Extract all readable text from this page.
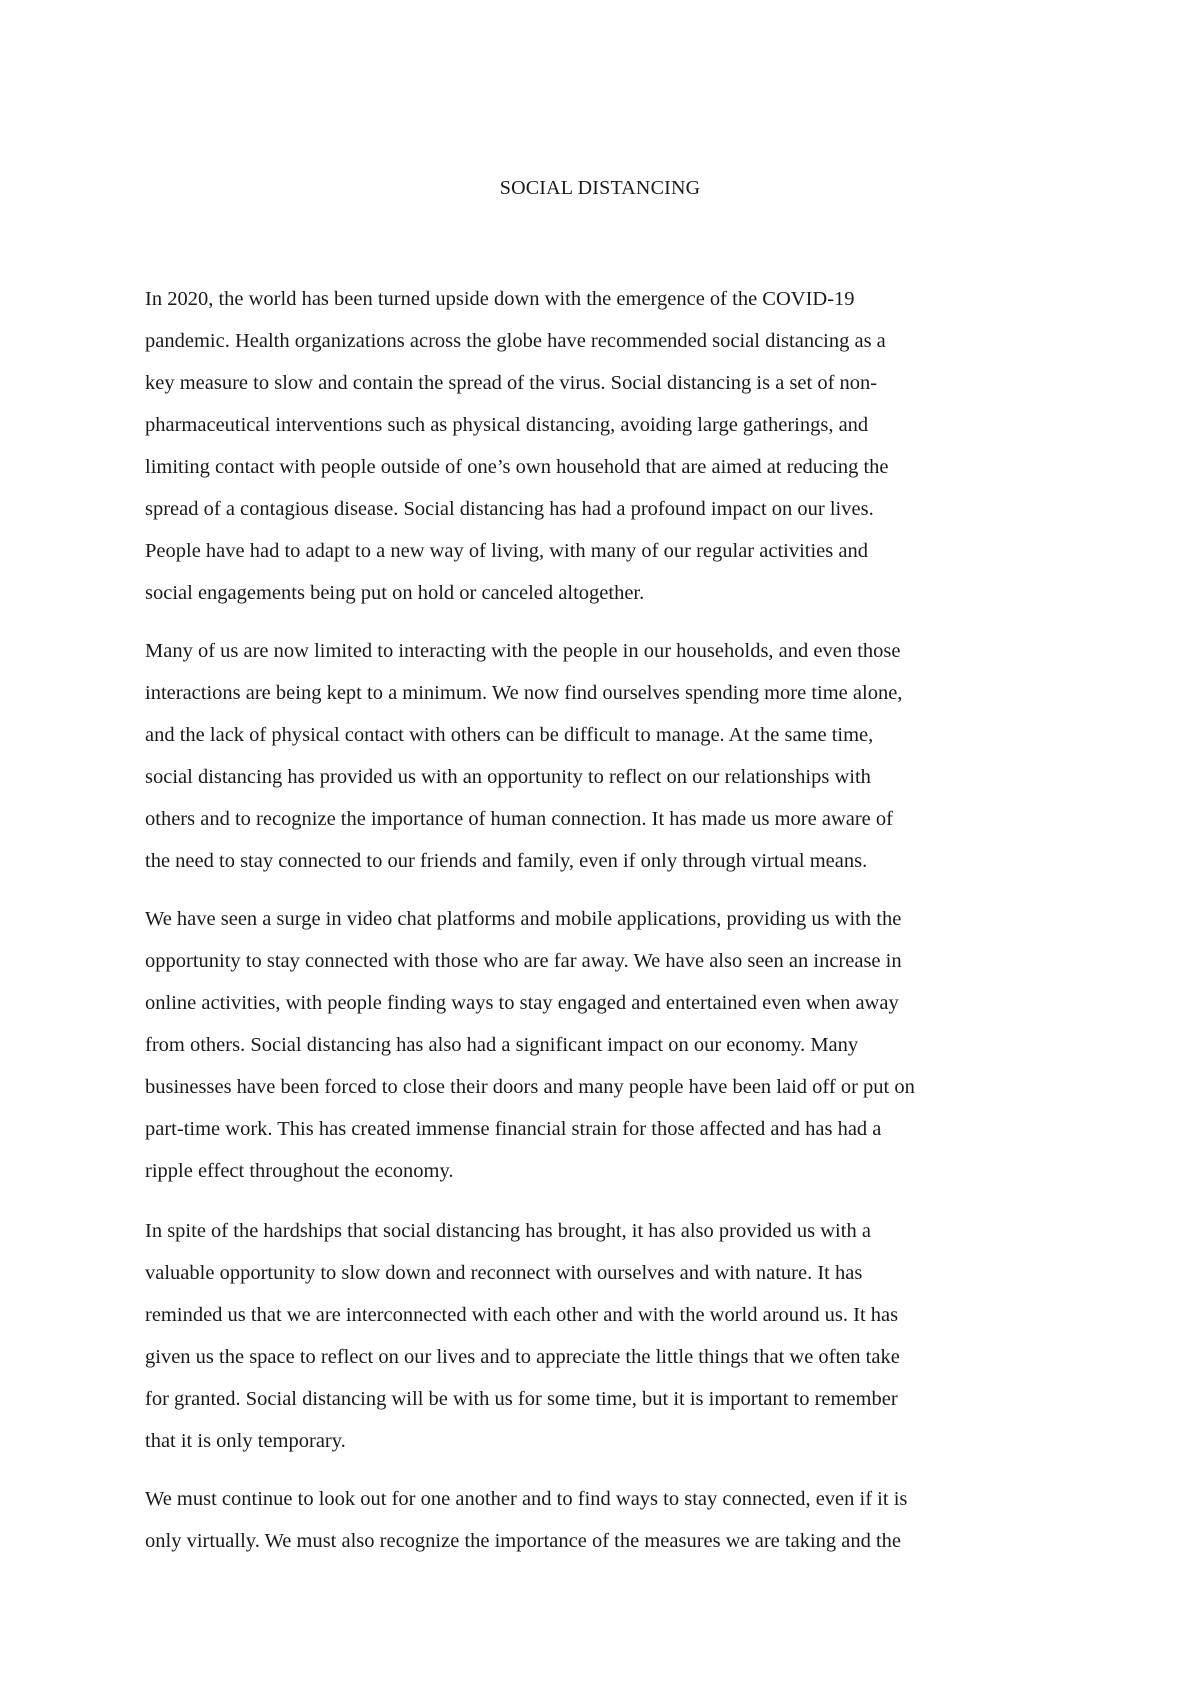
SOCIAL DISTANCING

In 2020, the world has been turned upside down with the emergence of the COVID-19

pandemic. Health organizations across the globe have recommended social distancing as a

key measure to slow and contain the spread of the virus. Social distancing is a set of non-

pharmaceutical interventions such as physical distancing, avoiding large gatherings, and

limiting contact with people outside of one’s own household that are aimed at reducing the

spread of a contagious disease. Social distancing has had a profound impact on our lives.

People have had to adapt to a new way of living, with many of our regular activities and

social engagements being put on hold or canceled altogether.

Many of us are now limited to interacting with the people in our households, and even those

interactions are being kept to a minimum. We now find ourselves spending more time alone,

and the lack of physical contact with others can be difficult to manage. At the same time,

social distancing has provided us with an opportunity to reflect on our relationships with

others and to recognize the importance of human connection. It has made us more aware of

the need to stay connected to our friends and family, even if only through virtual means.

We have seen a surge in video chat platforms and mobile applications, providing us with the

opportunity to stay connected with those who are far away. We have also seen an increase in

online activities, with people finding ways to stay engaged and entertained even when away

from others. Social distancing has also had a significant impact on our economy. Many

businesses have been forced to close their doors and many people have been laid off or put on

part-time work. This has created immense financial strain for those affected and has had a

ripple effect throughout the economy.

In spite of the hardships that social distancing has brought, it has also provided us with a

valuable opportunity to slow down and reconnect with ourselves and with nature. It has

reminded us that we are interconnected with each other and with the world around us. It has

given us the space to reflect on our lives and to appreciate the little things that we often take

for granted. Social distancing will be with us for some time, but it is important to remember

that it is only temporary.

We must continue to look out for one another and to find ways to stay connected, even if it is

only virtually. We must also recognize the importance of the measures we are taking and the
